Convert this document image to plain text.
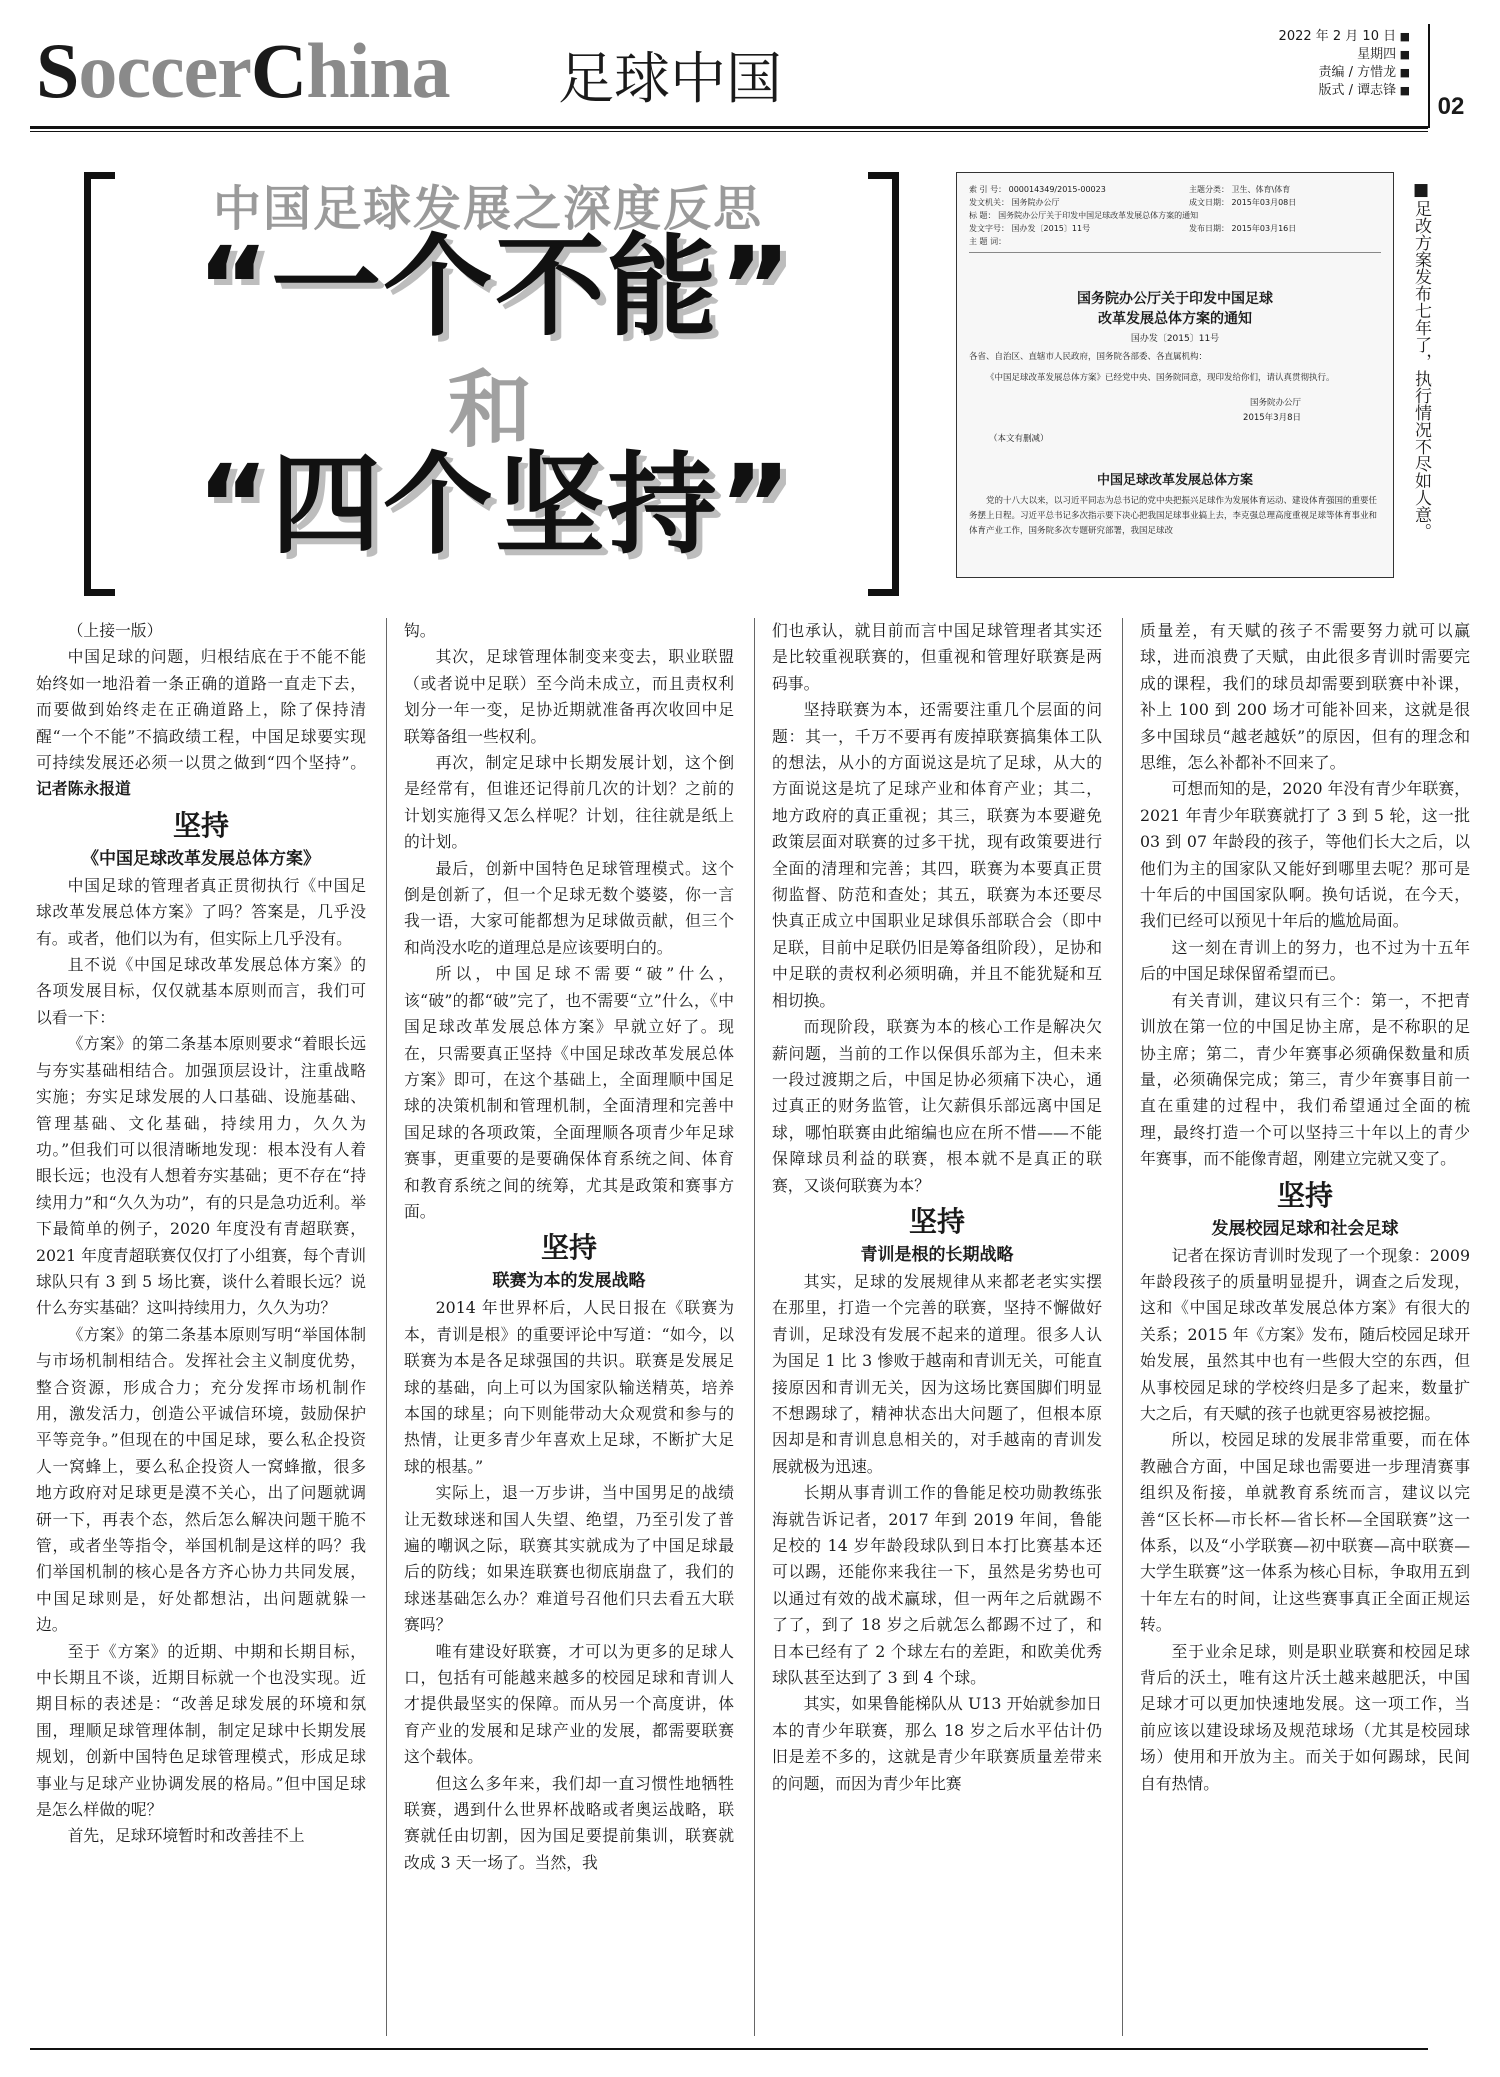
SoccerChina 足球中国
2022 年 2 月 10 日 ■
星期四 ■
责编 / 方惜龙 ■
版式 / 谭志锋 ■
02
中国足球发展之深度反思
“一个不能”
和
“四个坚持”
索 引 号： 000014349/2015-00023	主题分类： 卫生、体育\体育
发文机关： 国务院办公厅	成文日期： 2015年03月08日
标 题： 国务院办公厅关于印发中国足球改革发展总体方案的通知
发文字号： 国办发〔2015〕11号	发布日期： 2015年03月16日
主 题 词：
国务院办公厅关于印发中国足球
改革发展总体方案的通知
国办发〔2015〕11号
各省、自治区、直辖市人民政府，国务院各部委、各直属机构：
《中国足球改革发展总体方案》已经党中央、国务院同意，现印发给你们，请认真贯彻执行。
国务院办公厅
2015年3月8日
（本文有删减）
中国足球改革发展总体方案
党的十八大以来，以习近平同志为总书记的党中央把振兴足球作为发展体育运动、建设体育强国的重要任务摆上日程。习近平总书记多次指示要下决心把我国足球事业搞上去，李克强总理高度重视足球等体育事业和体育产业工作，国务院多次专题研究部署，我国足球改	■足改方案发布七年了，执行情况不尽如人意。

（上接一版）

中国足球的问题，归根结底在于不能不能始终如一地沿着一条正确的道路一直走下去，而要做到始终走在正确道路上，除了保持清醒“一个不能”不搞政绩工程，中国足球要实现可持续发展还必须一以贯之做到“四个坚持”。记者陈永报道

坚持
《中国足球改革发展总体方案》

中国足球的管理者真正贯彻执行《中国足球改革发展总体方案》了吗？答案是，几乎没有。或者，他们以为有，但实际上几乎没有。

且不说《中国足球改革发展总体方案》的各项发展目标，仅仅就基本原则而言，我们可以看一下：

《方案》的第二条基本原则要求“着眼长远与夯实基础相结合。加强顶层设计，注重战略实施；夯实足球发展的人口基础、设施基础、管理基础、文化基础，持续用力，久久为功。”但我们可以很清晰地发现：根本没有人着眼长远；也没有人想着夯实基础；更不存在“持续用力”和“久久为功”，有的只是急功近利。举下最简单的例子，2020 年度没有青超联赛，2021 年度青超联赛仅仅打了小组赛，每个青训球队只有 3 到 5 场比赛，谈什么着眼长远？说什么夯实基础？这叫持续用力，久久为功？

《方案》的第二条基本原则写明“举国体制与市场机制相结合。发挥社会主义制度优势，整合资源，形成合力；充分发挥市场机制作用，激发活力，创造公平诚信环境，鼓励保护平等竞争。”但现在的中国足球，要么私企投资人一窝蜂上，要么私企投资人一窝蜂撤，很多地方政府对足球更是漠不关心，出了问题就调研一下，再表个态，然后怎么解决问题干脆不管，或者坐等指令，举国机制是这样的吗？我们举国机制的核心是各方齐心协力共同发展，中国足球则是，好处都想沾，出问题就躲一边。

至于《方案》的近期、中期和长期目标，中长期且不谈，近期目标就一个也没实现。近期目标的表述是：“改善足球发展的环境和氛围，理顺足球管理体制，制定足球中长期发展规划，创新中国特色足球管理模式，形成足球事业与足球产业协调发展的格局。”但中国足球是怎么样做的呢？

首先，足球环境暂时和改善挂不上

钩。

其次，足球管理体制变来变去，职业联盟（或者说中足联）至今尚未成立，而且责权利划分一年一变，足协近期就准备再次收回中足联筹备组一些权利。

再次，制定足球中长期发展计划，这个倒是经常有，但谁还记得前几次的计划？之前的计划实施得又怎么样呢？计划，往往就是纸上的计划。

最后，创新中国特色足球管理模式。这个倒是创新了，但一个足球无数个婆婆，你一言我一语，大家可能都想为足球做贡献，但三个和尚没水吃的道理总是应该要明白的。

所以，中国足球不需要“破”什么，该“破”的都“破”完了，也不需要“立”什么，《中国足球改革发展总体方案》早就立好了。现在，只需要真正坚持《中国足球改革发展总体方案》即可，在这个基础上，全面理顺中国足球的决策机制和管理机制，全面清理和完善中国足球的各项政策，全面理顺各项青少年足球赛事，更重要的是要确保体育系统之间、体育和教育系统之间的统筹，尤其是政策和赛事方面。

坚持
联赛为本的发展战略

2014 年世界杯后，人民日报在《联赛为本，青训是根》的重要评论中写道：“如今，以联赛为本是各足球强国的共识。联赛是发展足球的基础，向上可以为国家队输送精英，培养本国的球星；向下则能带动大众观赏和参与的热情，让更多青少年喜欢上足球，不断扩大足球的根基。”

实际上，退一万步讲，当中国男足的战绩让无数球迷和国人失望、绝望，乃至引发了普遍的嘲讽之际，联赛其实就成为了中国足球最后的防线；如果连联赛也彻底崩盘了，我们的球迷基础怎么办？难道号召他们只去看五大联赛吗？

唯有建设好联赛，才可以为更多的足球人口，包括有可能越来越多的校园足球和青训人才提供最坚实的保障。而从另一个高度讲，体育产业的发展和足球产业的发展，都需要联赛这个载体。

但这么多年来，我们却一直习惯性地牺牲联赛，遇到什么世界杯战略或者奥运战略，联赛就任由切割，因为国足要提前集训，联赛就改成 3 天一场了。当然，我

们也承认，就目前而言中国足球管理者其实还是比较重视联赛的，但重视和管理好联赛是两码事。

坚持联赛为本，还需要注重几个层面的问题：其一，千万不要再有废掉联赛搞集体工队的想法，从小的方面说这是坑了足球，从大的方面说这是坑了足球产业和体育产业；其二，地方政府的真正重视；其三，联赛为本要避免政策层面对联赛的过多干扰，现有政策要进行全面的清理和完善；其四，联赛为本要真正贯彻监督、防范和查处；其五，联赛为本还要尽快真正成立中国职业足球俱乐部联合会（即中足联，目前中足联仍旧是筹备组阶段），足协和中足联的责权利必须明确，并且不能犹疑和互相切换。

而现阶段，联赛为本的核心工作是解决欠薪问题，当前的工作以保俱乐部为主，但未来一段过渡期之后，中国足协必须痛下决心，通过真正的财务监管，让欠薪俱乐部远离中国足球，哪怕联赛由此缩编也应在所不惜——不能保障球员利益的联赛，根本就不是真正的联赛，又谈何联赛为本？

坚持
青训是根的长期战略

其实，足球的发展规律从来都老老实实摆在那里，打造一个完善的联赛，坚持不懈做好青训，足球没有发展不起来的道理。很多人认为国足 1 比 3 惨败于越南和青训无关，可能直接原因和青训无关，因为这场比赛国脚们明显不想踢球了，精神状态出大问题了，但根本原因却是和青训息息相关的，对手越南的青训发展就极为迅速。

长期从事青训工作的鲁能足校功勋教练张海就告诉记者，2017 年到 2019 年间，鲁能足校的 14 岁年龄段球队到日本打比赛基本还可以踢，还能你来我往一下，虽然是劣势也可以通过有效的战术赢球，但一两年之后就踢不了了，到了 18 岁之后就怎么都踢不过了，和日本已经有了 2 个球左右的差距，和欧美优秀球队甚至达到了 3 到 4 个球。

其实，如果鲁能梯队从 U13 开始就参加日本的青少年联赛，那么 18 岁之后水平估计仍旧是差不多的，这就是青少年联赛质量差带来的问题，而因为青少年比赛

质量差，有天赋的孩子不需要努力就可以赢球，进而浪费了天赋，由此很多青训时需要完成的课程，我们的球员却需要到联赛中补课，补上 100 到 200 场才可能补回来，这就是很多中国球员“越老越妖”的原因，但有的理念和思维，怎么补都补不回来了。

可想而知的是，2020 年没有青少年联赛，2021 年青少年联赛就打了 3 到 5 轮，这一批 03 到 07 年龄段的孩子，等他们长大之后，以他们为主的国家队又能好到哪里去呢？那可是十年后的中国国家队啊。换句话说，在今天，我们已经可以预见十年后的尴尬局面。

这一刻在青训上的努力，也不过为十五年后的中国足球保留希望而已。

有关青训，建议只有三个：第一，不把青训放在第一位的中国足协主席，是不称职的足协主席；第二，青少年赛事必须确保数量和质量，必须确保完成；第三，青少年赛事目前一直在重建的过程中，我们希望通过全面的梳理，最终打造一个可以坚持三十年以上的青少年赛事，而不能像青超，刚建立完就又变了。

坚持
发展校园足球和社会足球

记者在探访青训时发现了一个现象：2009 年龄段孩子的质量明显提升，调查之后发现，这和《中国足球改革发展总体方案》有很大的关系；2015 年《方案》发布，随后校园足球开始发展，虽然其中也有一些假大空的东西，但从事校园足球的学校终归是多了起来，数量扩大之后，有天赋的孩子也就更容易被挖掘。

所以，校园足球的发展非常重要，而在体教融合方面，中国足球也需要进一步理清赛事组织及衔接，单就教育系统而言，建议以完善“区长杯—市长杯—省长杯—全国联赛”这一体系，以及“小学联赛—初中联赛—高中联赛—大学生联赛”这一体系为核心目标，争取用五到十年左右的时间，让这些赛事真正全面正规运转。

至于业余足球，则是职业联赛和校园足球背后的沃土，唯有这片沃土越来越肥沃，中国足球才可以更加快速地发展。这一项工作，当前应该以建设球场及规范球场（尤其是校园球场）使用和开放为主。而关于如何踢球，民间自有热情。
